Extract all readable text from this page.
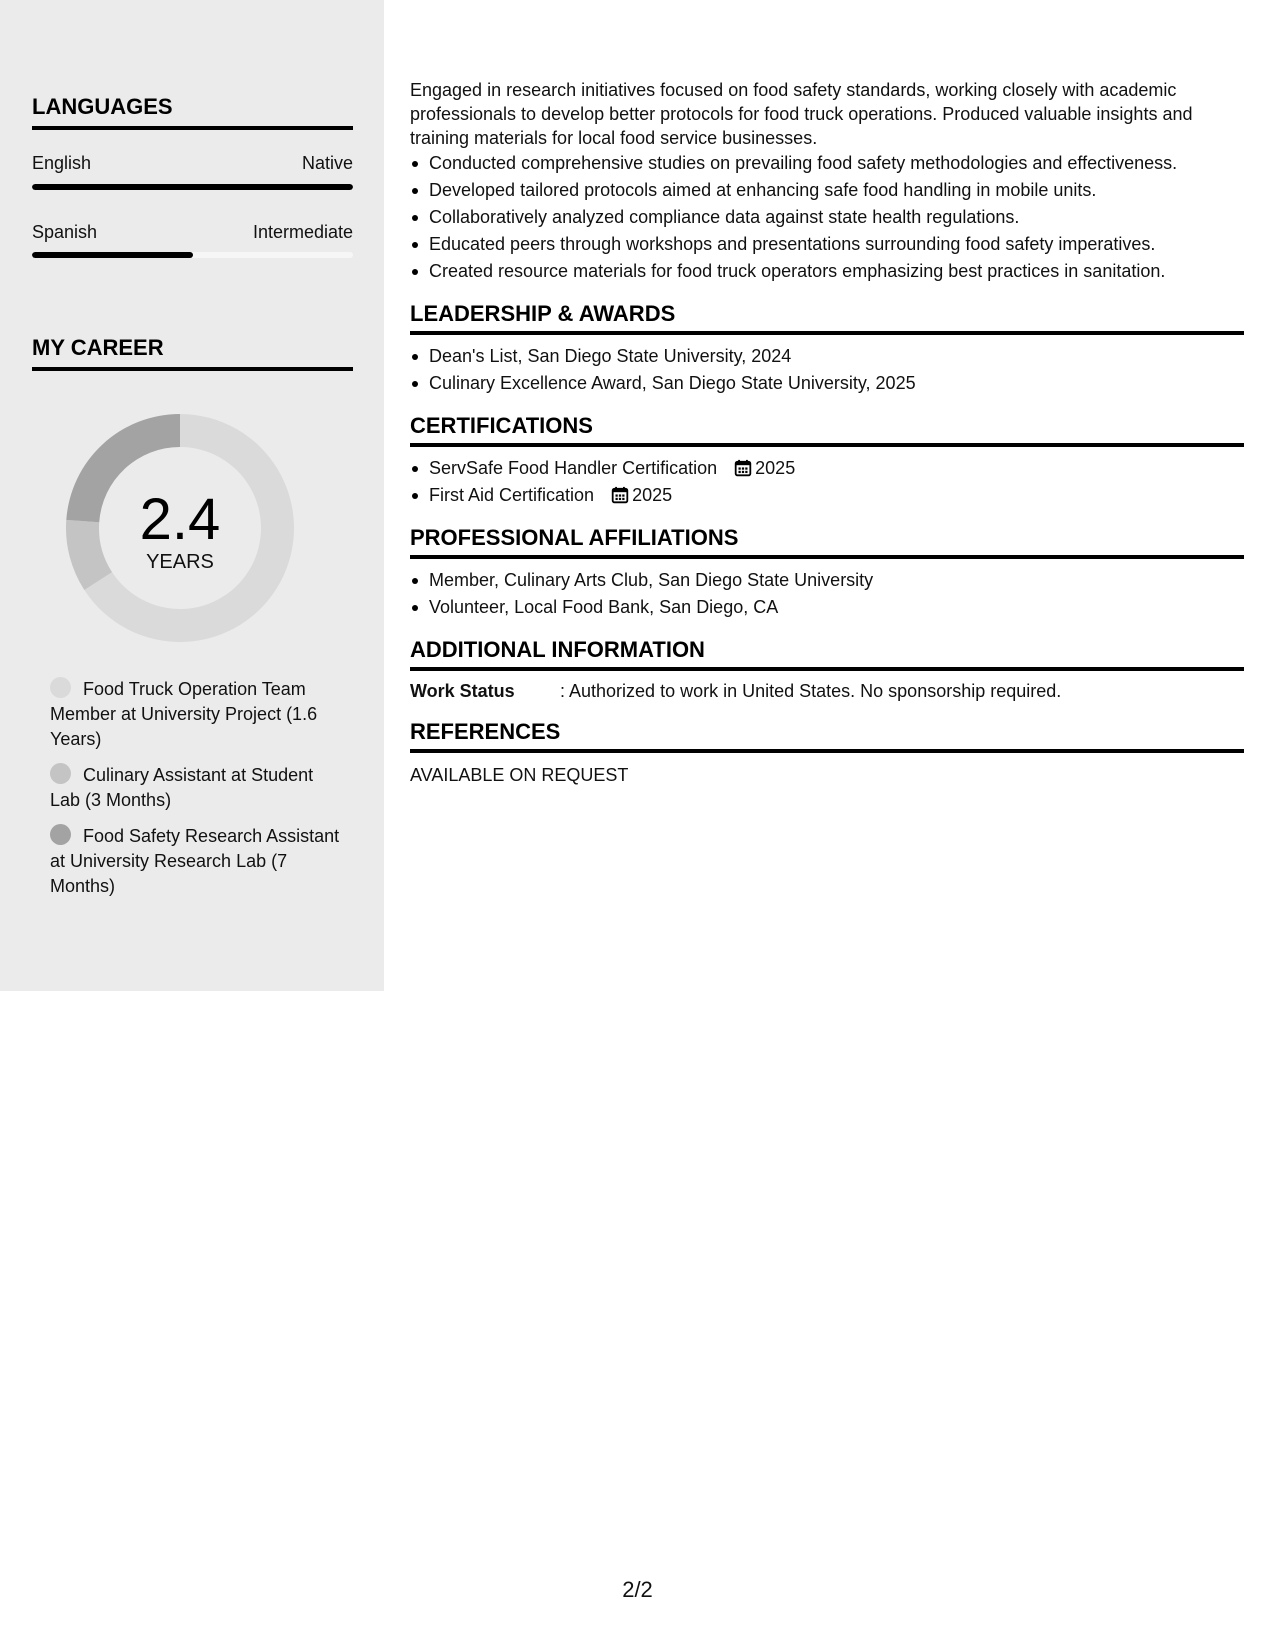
LANGUAGES
English	Native
Spanish	Intermediate
MY CAREER
2.4
YEARS
Food Truck Operation Team Member at University Project (1.6 Years)
Culinary Assistant at Student Lab (3 Months)
Food Safety Research Assistant at University Research Lab (7 Months)

Engaged in research initiatives focused on food safety standards, working closely with academic professionals to develop better protocols for food truck operations. Produced valuable insights and training materials for local food service businesses.

Conducted comprehensive studies on prevailing food safety methodologies and effectiveness.
Developed tailored protocols aimed at enhancing safe food handling in mobile units.
Collaboratively analyzed compliance data against state health regulations.
Educated peers through workshops and presentations surrounding food safety imperatives.
Created resource materials for food truck operators emphasizing best practices in sanitation.
LEADERSHIP & AWARDS
Dean's List, San Diego State University, 2024
Culinary Excellence Award, San Diego State University, 2025
CERTIFICATIONS
ServSafe Food Handler Certification 2025
First Aid Certification 2025
PROFESSIONAL AFFILIATIONS
Member, Culinary Arts Club, San Diego State University
Volunteer, Local Food Bank, San Diego, CA
ADDITIONAL INFORMATION
Work Status	: Authorized to work in United States. No sponsorship required.
REFERENCES
AVAILABLE ON REQUEST
2/2
